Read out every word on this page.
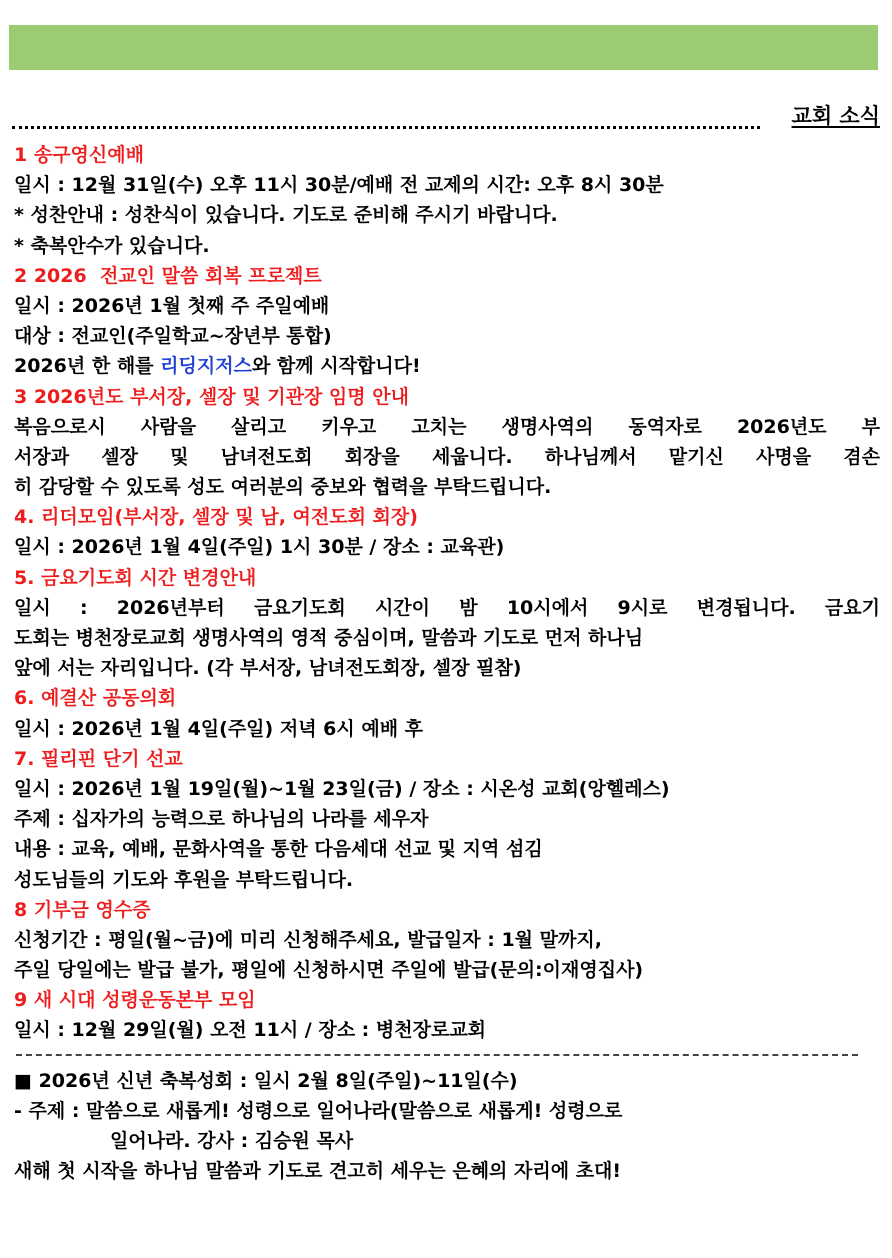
교회 소식
1 송구영신예배
일시 : 12월 31일(수) 오후 11시 30분/예배 전 교제의 시간: 오후 8시 30분
* 성찬안내 : 성찬식이 있습니다. 기도로 준비해 주시기 바랍니다.
* 축복안수가 있습니다.
2 2026  전교인 말씀 회복 프로젝트
일시 : 2026년 1월 첫째 주 주일예배
대상 : 전교인(주일학교~장년부 통합)
2026년 한 해를 리딩지저스와 함께 시작합니다!
3 2026년도 부서장, 셀장 및 기관장 임명 안내
복음으로시 사람을 살리고 키우고 고치는 생명사역의 동역자로 2026년도 부
서장과 셀장 및 남녀전도회 회장을 세웁니다. 하나님께서 맡기신 사명을 겸손
히 감당할 수 있도록 성도 여러분의 중보와 협력을 부탁드립니다.
4. 리더모임(부서장, 셀장 및 남, 여전도회 회장)
일시 : 2026년 1월 4일(주일) 1시 30분 / 장소 : 교육관)
5. 금요기도회 시간 변경안내
일시 : 2026년부터 금요기도회 시간이 밤 10시에서 9시로 변경됩니다. 금요기
도회는 병천장로교회 생명사역의 영적 중심이며, 말씀과 기도로 먼저 하나님
앞에 서는 자리입니다. (각 부서장, 남녀전도회장, 셀장 필참)
6. 예결산 공동의회
일시 : 2026년 1월 4일(주일) 저녁 6시 예배 후
7. 필리핀 단기 선교
일시 : 2026년 1월 19일(월)~1월 23일(금) / 장소 : 시온성 교회(앙헬레스)
주제 : 십자가의 능력으로 하나님의 나라를 세우자
내용 : 교육, 예배, 문화사역을 통한 다음세대 선교 및 지역 섬김
성도님들의 기도와 후원을 부탁드립니다.
8 기부금 영수증
신청기간 : 평일(월~금)에 미리 신청해주세요, 발급일자 : 1월 말까지,
주일 당일에는 발급 불가, 평일에 신청하시면 주일에 발급(문의:이재영집사)
9 새 시대 성령운동본부 모임
일시 : 12월 29일(월) 오전 11시 / 장소 : 병천장로교회
■ 2026년 신년 축복성회 : 일시 2월 8일(주일)~11일(수)
- 주제 : 말씀으로 새롭게! 성령으로 일어나라(말씀으로 새롭게! 성령으로
일어나라. 강사 : 김승원 목사
새해 첫 시작을 하나님 말씀과 기도로 견고히 세우는 은혜의 자리에 초대!
